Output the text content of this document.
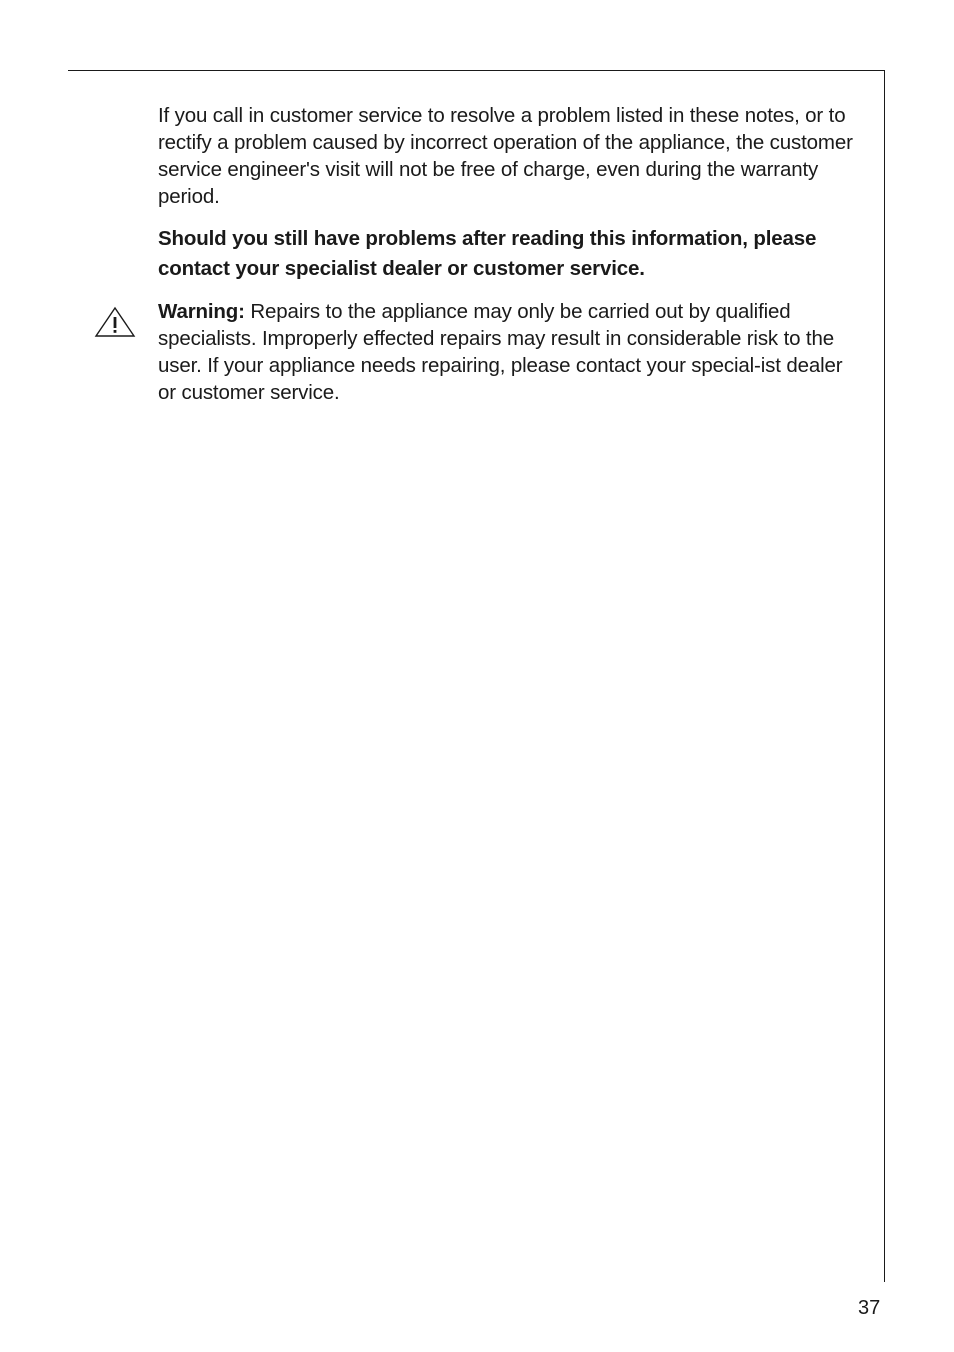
If you call in customer service to resolve a problem listed in these notes, or to rectify a problem caused by incorrect operation of the appliance, the customer service engineer's visit will not be free of charge, even during the warranty period.

Should you still have problems after reading this information, please contact your specialist dealer or customer service.

Warning: Repairs to the appliance may only be carried out by qualified specialists. Improperly effected repairs may result in considerable risk to the user. If your appliance needs repairing, please contact your special-ist dealer or customer service.
37
